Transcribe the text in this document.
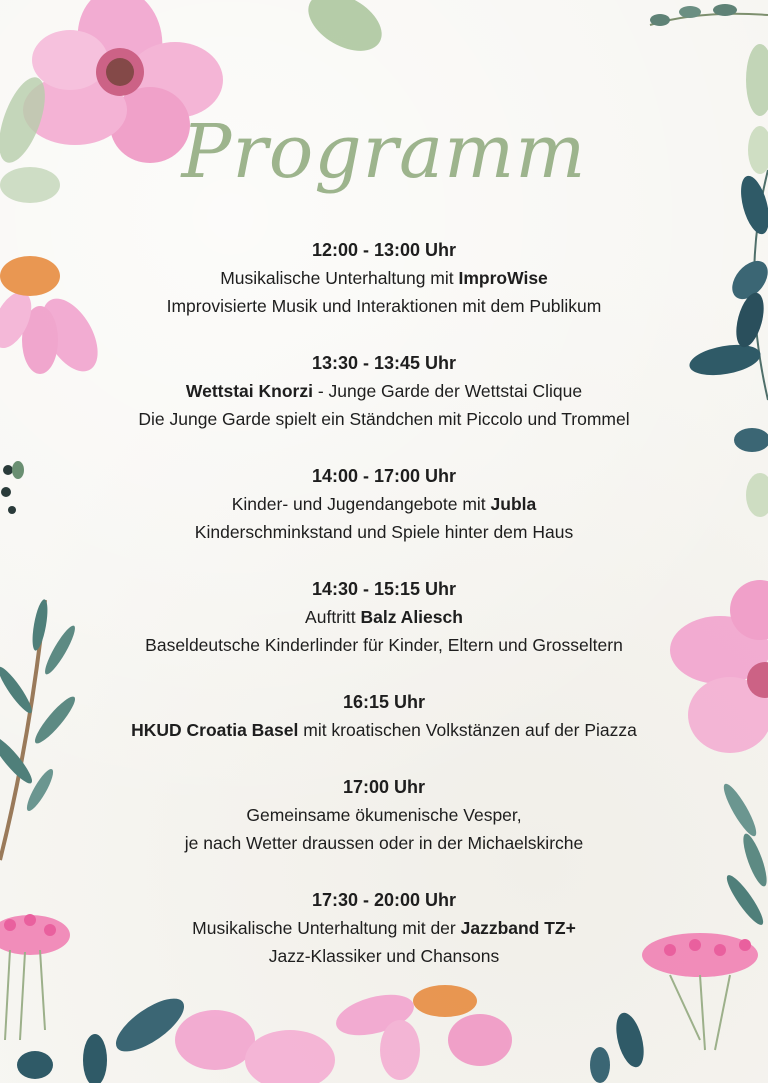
Programm
12:00 - 13:00 Uhr
Musikalische Unterhaltung mit ImproWise
Improvisierte Musik und Interaktionen mit dem Publikum
13:30 - 13:45 Uhr
Wettstai Knorzi - Junge Garde der Wettstai Clique
Die Junge Garde spielt ein Ständchen mit Piccolo und Trommel
14:00 - 17:00 Uhr
Kinder- und Jugendangebote mit Jubla
Kinderschminkstand und Spiele hinter dem Haus
14:30 - 15:15 Uhr
Auftritt Balz Aliesch
Baseldeutsche Kinderlinder für Kinder, Eltern und Grosseltern
16:15 Uhr
HKUD Croatia Basel mit kroatischen Volkstänzen auf der Piazza
17:00 Uhr
Gemeinsame ökumenische Vesper,
je nach Wetter draussen oder in der Michaelskirche
17:30 - 20:00 Uhr
Musikalische Unterhaltung mit der Jazzband TZ+
Jazz-Klassiker und Chansons
